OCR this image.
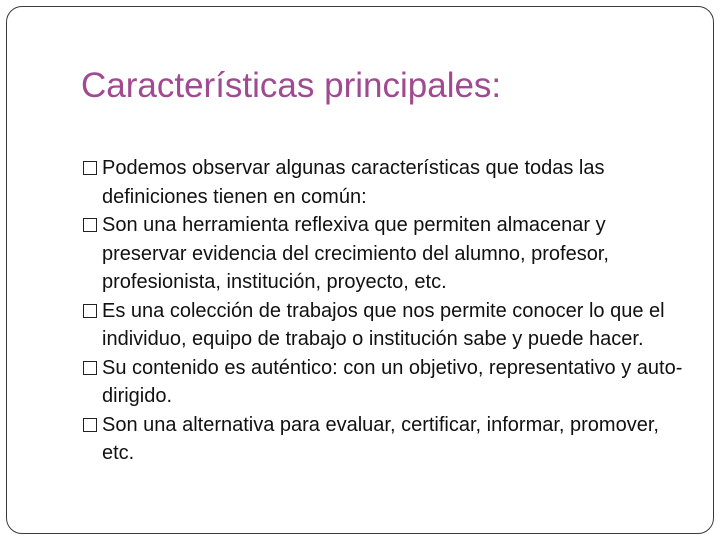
Características principales:
Podemos observar algunas características que todas las definiciones tienen en común:
Son una herramienta reflexiva que permiten almacenar y preservar evidencia del crecimiento del alumno, profesor, profesionista, institución, proyecto, etc.
Es una colección de trabajos que nos permite conocer lo que el individuo, equipo de trabajo o institución sabe y puede hacer.
Su contenido es auténtico: con un objetivo, representativo y auto-dirigido.
Son una alternativa para evaluar, certificar, informar, promover, etc.
